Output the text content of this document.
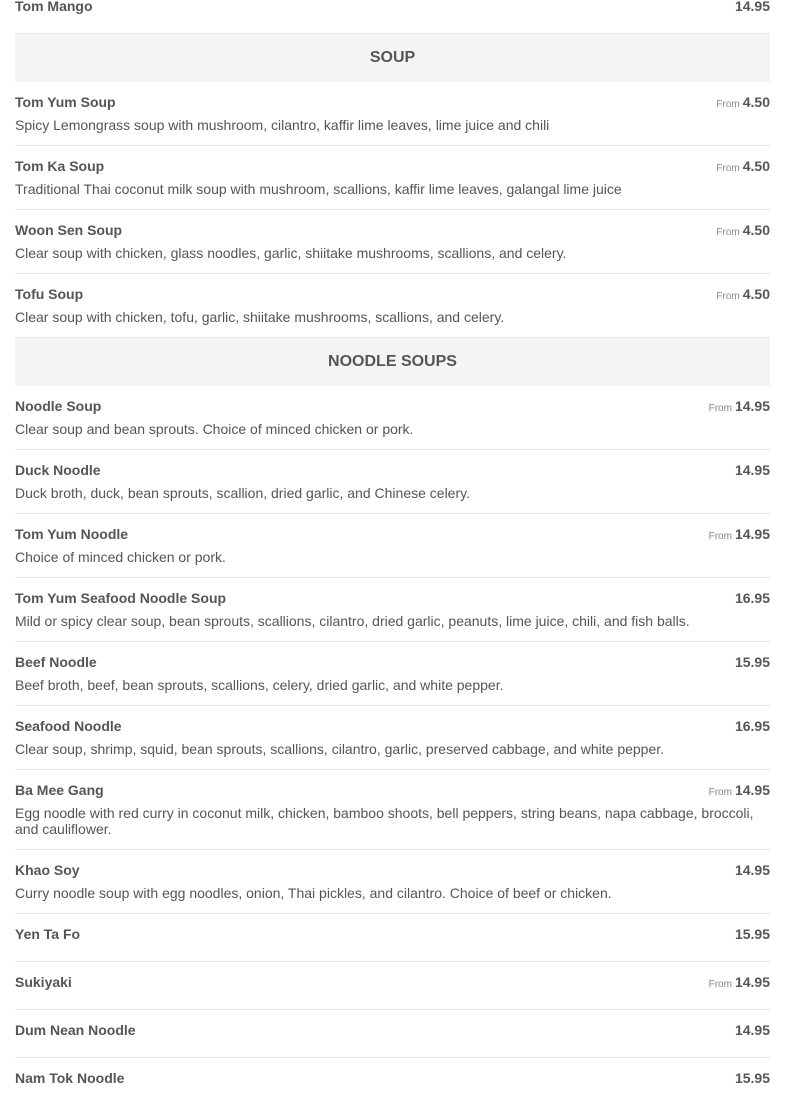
Tom Mango	14.95
SOUP
Tom Yum Soup	From 4.50
Spicy Lemongrass soup with mushroom, cilantro, kaffir lime leaves, lime juice and chili
Tom Ka Soup	From 4.50
Traditional Thai coconut milk soup with mushroom, scallions, kaffir lime leaves, galangal lime juice
Woon Sen Soup	From 4.50
Clear soup with chicken, glass noodles, garlic, shiitake mushrooms, scallions, and celery.
Tofu Soup	From 4.50
Clear soup with chicken, tofu, garlic, shiitake mushrooms, scallions, and celery.
NOODLE SOUPS
Noodle Soup	From 14.95
Clear soup and bean sprouts. Choice of minced chicken or pork.
Duck Noodle	14.95
Duck broth, duck, bean sprouts, scallion, dried garlic, and Chinese celery.
Tom Yum Noodle	From 14.95
Choice of minced chicken or pork.
Tom Yum Seafood Noodle Soup	16.95
Mild or spicy clear soup, bean sprouts, scallions, cilantro, dried garlic, peanuts, lime juice, chili, and fish balls.
Beef Noodle	15.95
Beef broth, beef, bean sprouts, scallions, celery, dried garlic, and white pepper.
Seafood Noodle	16.95
Clear soup, shrimp, squid, bean sprouts, scallions, cilantro, garlic, preserved cabbage, and white pepper.
Ba Mee Gang	From 14.95
Egg noodle with red curry in coconut milk, chicken, bamboo shoots, bell peppers, string beans, napa cabbage, broccoli, and cauliflower.
Khao Soy	14.95
Curry noodle soup with egg noodles, onion, Thai pickles, and cilantro. Choice of beef or chicken.
Yen Ta Fo	15.95
Sukiyaki	From 14.95
Dum Nean Noodle	14.95
Nam Tok Noodle	15.95
